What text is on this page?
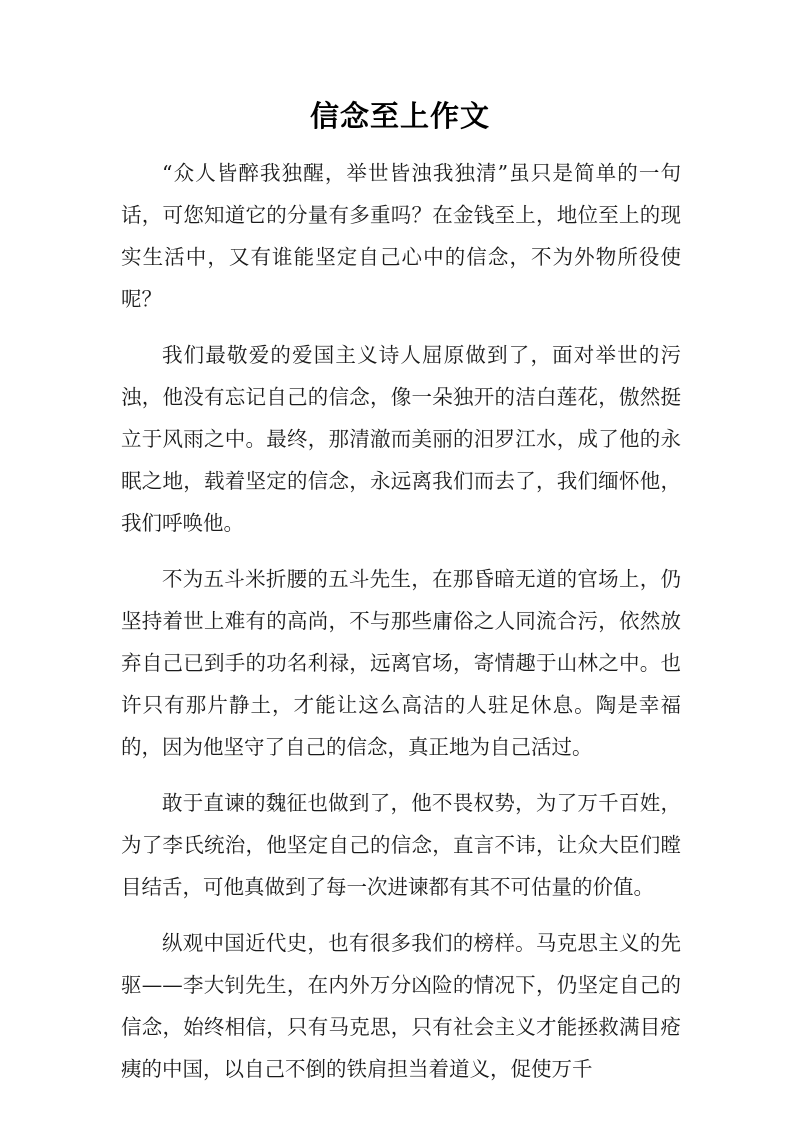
信念至上作文

“众人皆醉我独醒，举世皆浊我独清”虽只是简单的一句话，可您知道它的分量有多重吗？在金钱至上，地位至上的现实生活中，又有谁能坚定自己心中的信念，不为外物所役使呢？

我们最敬爱的爱国主义诗人屈原做到了，面对举世的污浊，他没有忘记自己的信念，像一朵独开的洁白莲花，傲然挺立于风雨之中。最终，那清澈而美丽的汨罗江水，成了他的永眠之地，载着坚定的信念，永远离我们而去了，我们缅怀他，我们呼唤他。

不为五斗米折腰的五斗先生，在那昏暗无道的官场上，仍坚持着世上难有的高尚，不与那些庸俗之人同流合污，依然放弃自己已到手的功名利禄，远离官场，寄情趣于山林之中。也许只有那片静土，才能让这么高洁的人驻足休息。陶是幸福的，因为他坚守了自己的信念，真正地为自己活过。

敢于直谏的魏征也做到了，他不畏权势，为了万千百姓，为了李氏统治，他坚定自己的信念，直言不讳，让众大臣们瞠目结舌，可他真做到了每一次进谏都有其不可估量的价值。

纵观中国近代史，也有很多我们的榜样。马克思主义的先驱——李大钊先生，在内外万分凶险的情况下，仍坚定自己的信念，始终相信，只有马克思，只有社会主义才能拯救满目疮痍的中国，以自己不倒的铁肩担当着道义，促使万千
